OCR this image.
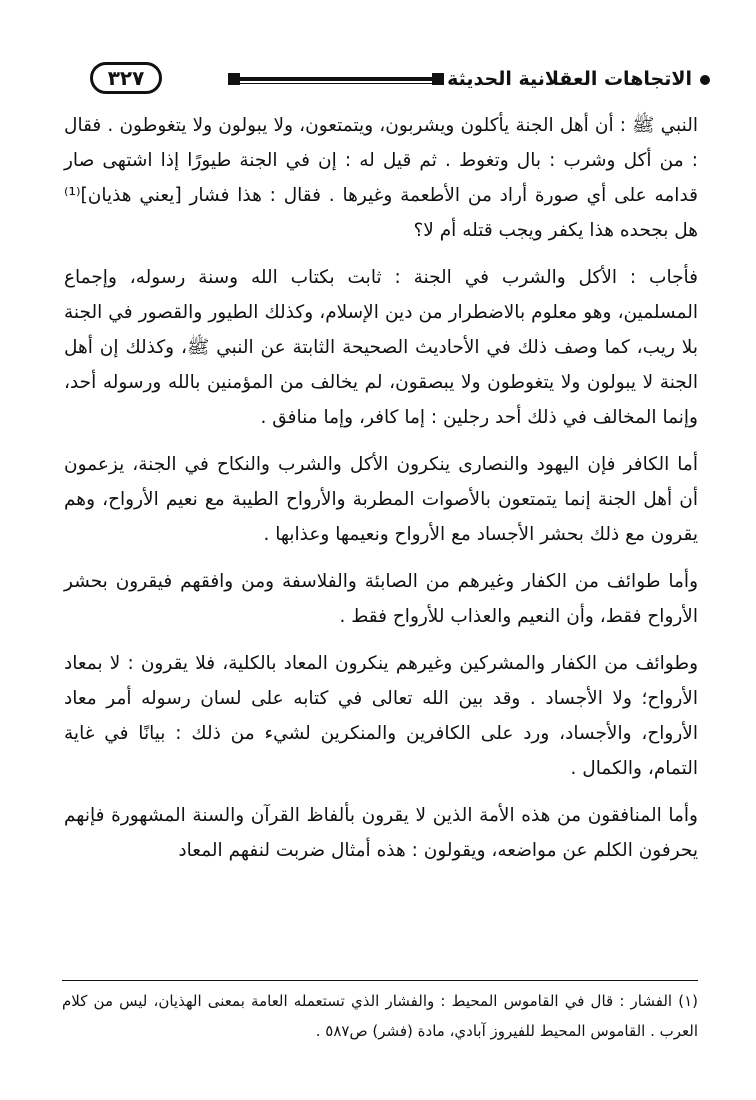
الاتجاهات العقلانية الحديثة
٣٢٧

النبي ﷺ : أن أهل الجنة يأكلون ويشربون، ويتمتعون، ولا يبولون ولا يتغوطون . فقال : من أكل وشرب : بال وتغوط . ثم قيل له : إن في الجنة طيورًا إذا اشتهى صار قدامه على أي صورة أراد من الأطعمة وغيرها . فقال : هذا فشار [يعني هذيان]⁽¹⁾ هل بجحده هذا يكفر ويجب قتله أم لا؟

فأجاب : الأكل والشرب في الجنة : ثابت بكتاب الله وسنة رسوله، وإجماع المسلمين، وهو معلوم بالاضطرار من دين الإسلام، وكذلك الطيور والقصور في الجنة بلا ريب، كما وصف ذلك في الأحاديث الصحيحة الثابتة عن النبي ﷺ، وكذلك إن أهل الجنة لا يبولون ولا يتغوطون ولا يبصقون، لم يخالف من المؤمنين بالله ورسوله أحد، وإنما المخالف في ذلك أحد رجلين : إما كافر، وإما منافق .

أما الكافر فإن اليهود والنصارى ينكرون الأكل والشرب والنكاح في الجنة، يزعمون أن أهل الجنة إنما يتمتعون بالأصوات المطربة والأرواح الطيبة مع نعيم الأرواح، وهم يقرون مع ذلك بحشر الأجساد مع الأرواح ونعيمها وعذابها .

وأما طوائف من الكفار وغيرهم من الصابئة والفلاسفة ومن وافقهم فيقرون بحشر الأرواح فقط، وأن النعيم والعذاب للأرواح فقط .

وطوائف من الكفار والمشركين وغيرهم ينكرون المعاد بالكلية، فلا يقرون : لا بمعاد الأرواح؛ ولا الأجساد . وقد بين الله تعالى في كتابه على لسان رسوله أمر معاد الأرواح، والأجساد، ورد على الكافرين والمنكرين لشيء من ذلك : بيانًا في غاية التمام، والكمال .

وأما المنافقون من هذه الأمة الذين لا يقرون بألفاظ القرآن والسنة المشهورة فإنهم يحرفون الكلم عن مواضعه، ويقولون : هذه أمثال ضربت لنفهم المعاد

(١) الفشار : قال في القاموس المحيط : والفشار الذي تستعمله العامة بمعنى الهذيان، ليس من كلام العرب . القاموس المحيط للفيروز آبادي، مادة (فشر) ص٥٨٧ .
